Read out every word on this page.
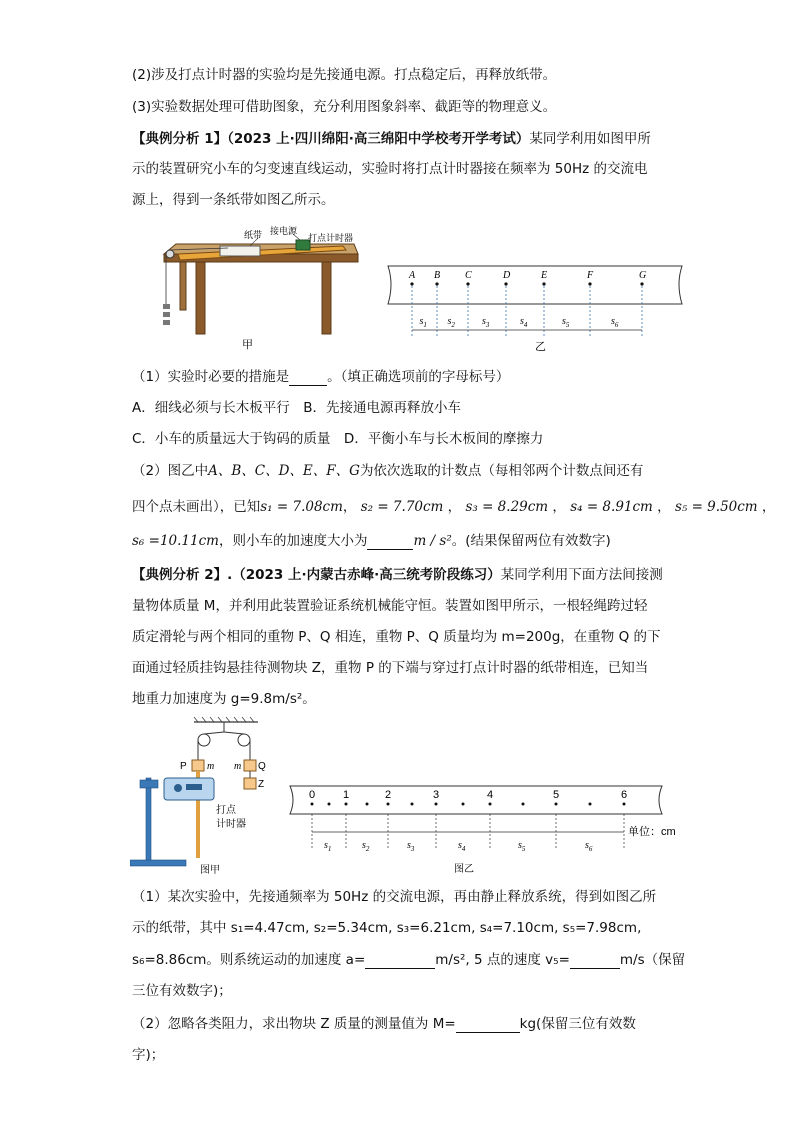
(2)涉及打点计时器的实验均是先接通电源。打点稳定后，再释放纸带。
(3)实验数据处理可借助图象，充分利用图象斜率、截距等的物理意义。
【典例分析 1】（2023 上·四川绵阳·高三绵阳中学校考开学考试）某同学利用如图甲所
示的装置研究小车的匀变速直线运动，实验时将打点计时器接在频率为 50Hz 的交流电
源上，得到一条纸带如图乙所示。
纸带 接电源
打点计时器
甲
A B C	D	E	F	G
$s_1$ $s_2$	$s_3$	$s_4$	$s_5$	$s_6$
乙
（1）实验时必要的措施是	。（填正确选项前的字母标号）
A．细线必须与长木板平行　B．先接通电源再释放小车
C．小车的质量远大于钩码的质量　D．平衡小车与长木板间的摩擦力
（2）图乙中A、B、C、D、E、F、G为依次选取的计数点（每相邻两个计数点间还有
四个点未画出），已知s₁ = 7.08cm， s₂ = 7.70cm ， s₃ = 8.29cm ， s₄ = 8.91cm ， s₅ = 9.50cm ，
s₆ =10.11cm，则小车的加速度大小为	m / s²。(结果保留两位有效数字)
【典例分析 2】.（2023 上·内蒙古赤峰·高三统考阶段练习）某同学利用下面方法间接测
量物体质量 M，并利用此装置验证系统机械能守恒。装置如图甲所示，一根轻绳跨过轻
质定滑轮与两个相同的重物 P、Q 相连，重物 P、Q 质量均为 m=200g，在重物 Q 的下
面通过轻质挂钩悬挂待测物块 Z，重物 P 的下端与穿过打点计时器的纸带相连，已知当
地重力加速度为 g=9.8m/s²。
P m m Q
Z
打点
计时器
图甲
0	1	2	3	4	5	6
$s_1$	$s_2$	$s_3$	$s_4$	$s_5$	$s_6$
单位：cm
图乙
（1）某次实验中，先接通频率为 50Hz 的交流电源，再由静止释放系统，得到如图乙所
示的纸带，其中 s₁=4.47cm, s₂=5.34cm, s₃=6.21cm, s₄=7.10cm, s₅=7.98cm,
s₆=8.86cm。则系统运动的加速度 a=	m/s², 5 点的速度 v₅=	m/s（保留
三位有效数字)；
（2）忽略各类阻力，求出物块 Z 质量的测量值为 M=	kg(保留三位有效数
字)；
